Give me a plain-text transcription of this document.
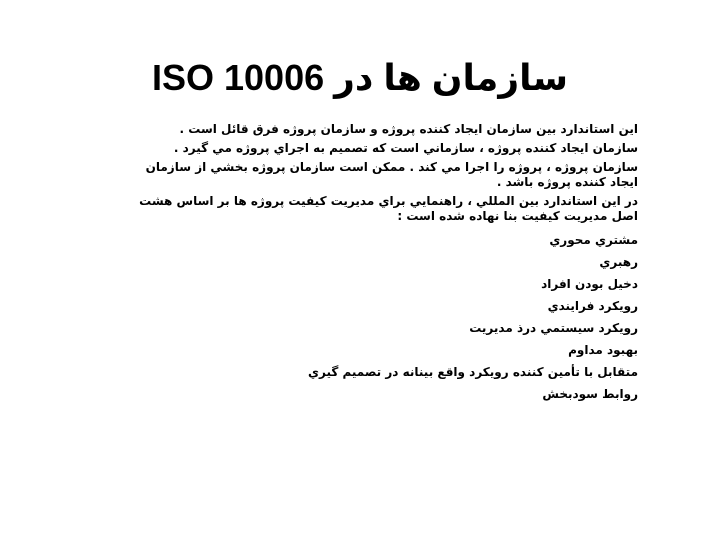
سازمان ها در ISO 10006

اين استاندارد بين سازمان ايجاد كننده پروژه و سازمان پروژه فرق قائل است .

سازمان ايجاد كننده پروژه ، سازماني است كه تصميم به اجراي پروژه مي گيرد .

سازمان پروژه ، پروژه را اجرا مي كند . ممكن است سازمان پروژه بخشي از سازمان ايجاد كننده پروژه باشد .

در اين استاندارد بين المللي ، راهنمايي براي مديريت كيفيت پروژه ها بر اساس هشت اصل مديريت كيفيت بنا نهاده شده است :

مشتري محوري

رهبري

دخيل بودن افراد

رويكرد فرايندي

رويكرد سيستمي درذ مديريت

بهبود مداوم

متقابل با تأمين كننده رويكرد واقع بينانه در تصميم گيري

روابط سودبخش
